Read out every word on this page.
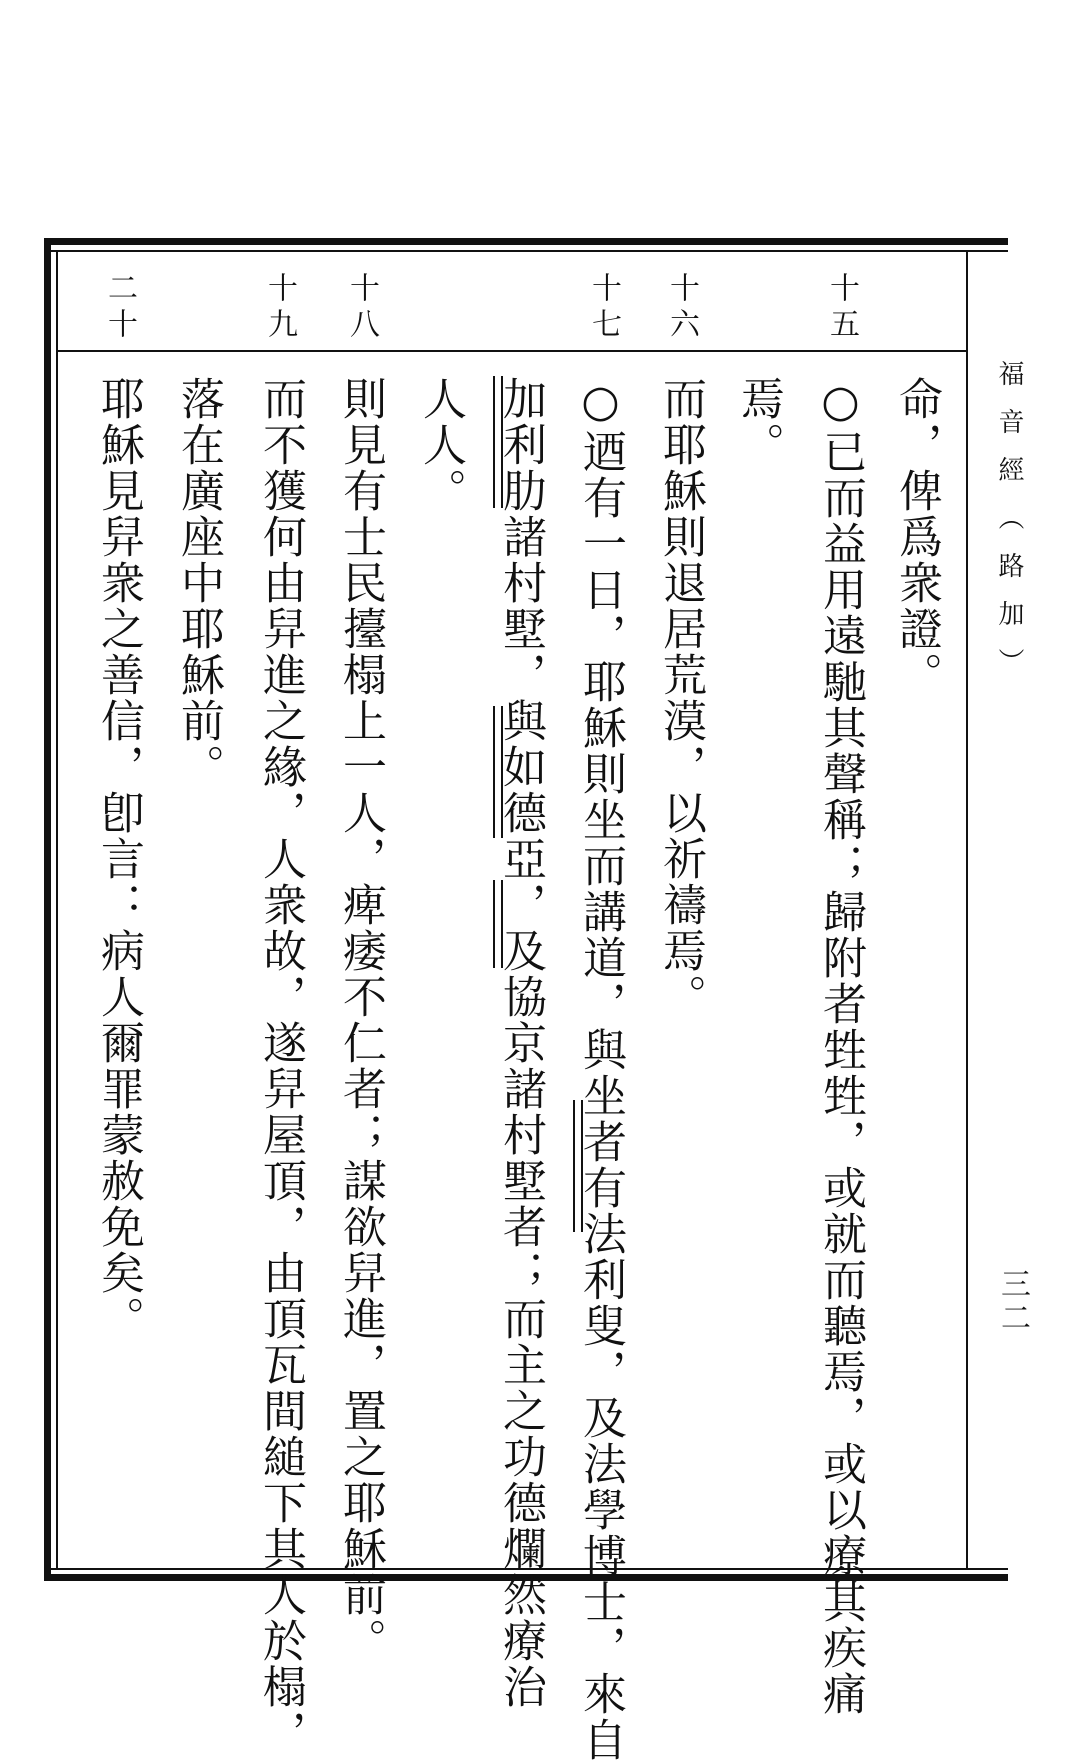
福音經（路加）
三二
十五
十六
十七
十八
十九
二十
命，俾爲衆證。
○已而益用遠馳其聲稱；歸附者甡甡，或就而聽焉，或以療其疾痛
焉。
而耶穌則退居荒漠，以祈禱焉。
○迺有一日，耶穌則坐而講道，與坐者有法利叟，及法學博士，來自
加利肋諸村墅，與如德亞，及協京諸村墅者；而主之功德爛然療治
人人。
則見有士民擡榻上一人，痺痿不仁者；謀欲舁進，置之耶穌前。
而不獲何由舁進之緣，人衆故，遂舁屋頂，由頂瓦間縋下其人於榻，
落在廣座中耶穌前。
耶穌見舁衆之善信，卽言：病人爾罪蒙赦免矣。
